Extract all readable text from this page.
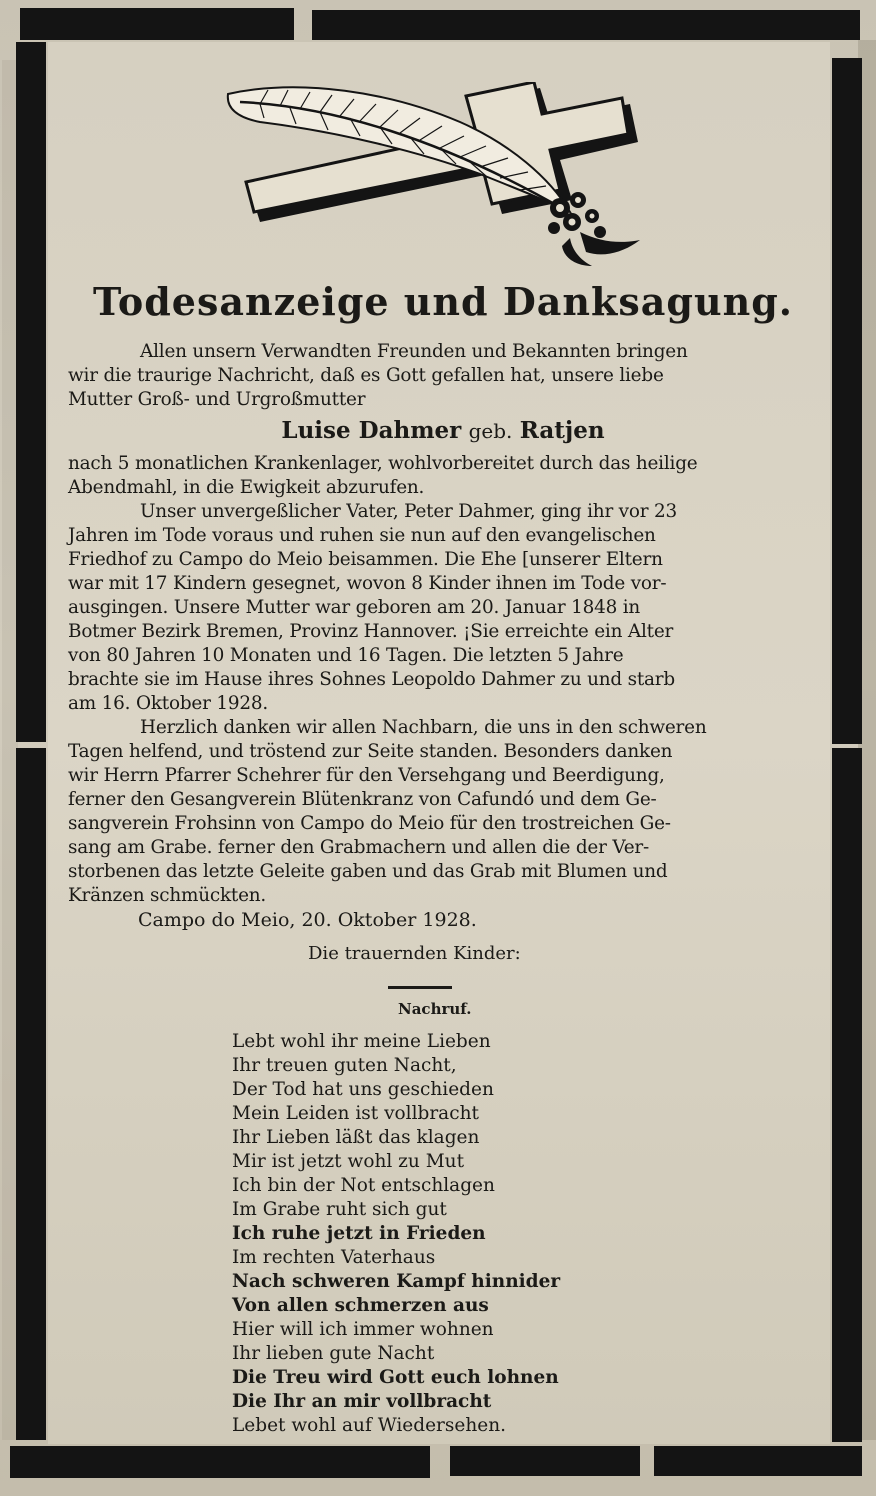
Todesanzeige und Danksagung.

Allen unsern Verwandten Freunden und Bekannten bringen

wir die traurige Nachricht, daß es Gott gefallen hat, unsere liebe

Mutter Groß- und Urgroßmutter

Luise Dahmer geb. Ratjen

nach 5 monatlichen Krankenlager, wohlvorbereitet durch das heilige

Abendmahl, in die Ewigkeit abzurufen.

Unser unvergeßlicher Vater, Peter Dahmer, ging ihr vor 23

Jahren im Tode voraus und ruhen sie nun auf den evangelischen

Friedhof zu Campo do Meio beisammen. Die Ehe [unserer Eltern

war mit 17 Kindern gesegnet, wovon 8 Kinder ihnen im Tode vor-

ausgingen. Unsere Mutter war geboren am 20. Januar 1848 in

Botmer Bezirk Bremen, Provinz Hannover. ¡Sie erreichte ein Alter

von 80 Jahren 10 Monaten und 16 Tagen. Die letzten 5 Jahre

brachte sie im Hause ihres Sohnes Leopoldo Dahmer zu und starb

am 16. Oktober 1928.

Herzlich danken wir allen Nachbarn, die uns in den schweren

Tagen helfend, und tröstend zur Seite standen. Besonders danken

wir Herrn Pfarrer Schehrer für den Versehgang und Beerdigung,

ferner den Gesangverein Blütenkranz von Cafundó und dem Ge-

sangverein Frohsinn von Campo do Meio für den trostreichen Ge-

sang am Grabe. ferner den Grabmachern und allen die der Ver-

storbenen das letzte Geleite gaben und das Grab mit Blumen und

Kränzen schmückten.

Campo do Meio, 20. Oktober 1928.

Die trauernden Kinder:

Nachruf.

Lebt wohl ihr meine Lieben

Ihr treuen guten Nacht,

Der Tod hat uns geschieden

Mein Leiden ist vollbracht

Ihr Lieben läßt das klagen

Mir ist jetzt wohl zu Mut

Ich bin der Not entschlagen

Im Grabe ruht sich gut

Ich ruhe jetzt in Frieden

Im rechten Vaterhaus

Nach schweren Kampf hinnider

Von allen schmerzen aus

Hier will ich immer wohnen

Ihr lieben gute Nacht

Die Treu wird Gott euch lohnen

Die Ihr an mir vollbracht

Lebet wohl auf Wiedersehen.
